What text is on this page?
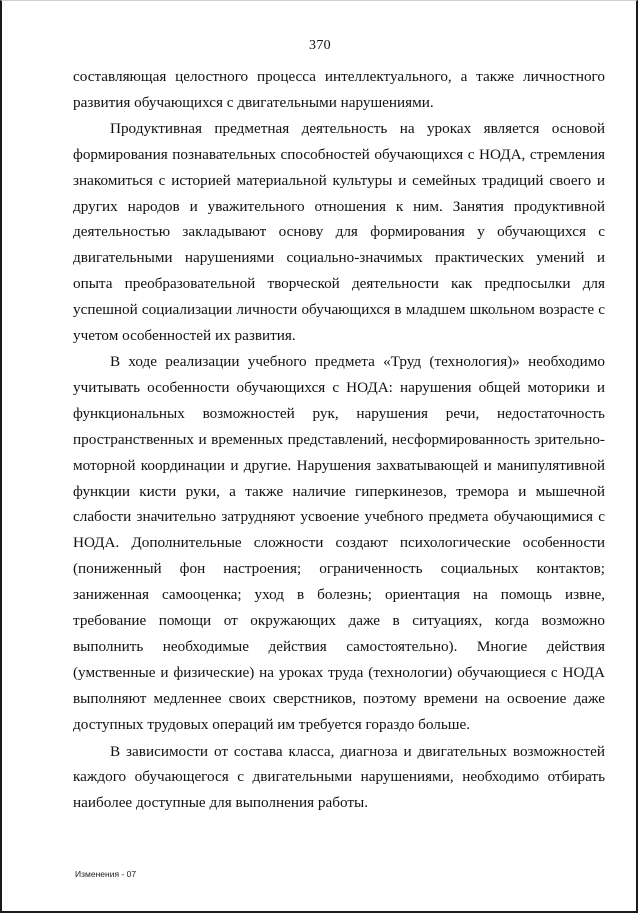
370

составляющая целостного процесса интеллектуального, а также личностного развития обучающихся с двигательными нарушениями.

Продуктивная предметная деятельность на уроках является основой формирования познавательных способностей обучающихся с НОДА, стремления знакомиться с историей материальной культуры и семейных традиций своего и других народов и уважительного отношения к ним. Занятия продуктивной деятельностью закладывают основу для формирования у обучающихся с двигательными нарушениями социально-значимых практических умений и опыта преобразовательной творческой деятельности как предпосылки для успешной социализации личности обучающихся в младшем школьном возрасте с учетом особенностей их развития.

В ходе реализации учебного предмета «Труд (технология)» необходимо учитывать особенности обучающихся с НОДА: нарушения общей моторики и функциональных возможностей рук, нарушения речи, недостаточность пространственных и временных представлений, несформированность зрительно-моторной координации и другие. Нарушения захватывающей и манипулятивной функции кисти руки, а также наличие гиперкинезов, тремора и мышечной слабости значительно затрудняют усвоение учебного предмета обучающимися с НОДА. Дополнительные сложности создают психологические особенности (пониженный фон настроения; ограниченность социальных контактов; заниженная самооценка; уход в болезнь; ориентация на помощь извне, требование помощи от окружающих даже в ситуациях, когда возможно выполнить необходимые действия самостоятельно). Многие действия (умственные и физические) на уроках труда (технологии) обучающиеся с НОДА выполняют медленнее своих сверстников, поэтому времени на освоение даже доступных трудовых операций им требуется гораздо больше.

В зависимости от состава класса, диагноза и двигательных возможностей каждого обучающегося с двигательными нарушениями, необходимо отбирать наиболее доступные для выполнения работы.

Изменения - 07
